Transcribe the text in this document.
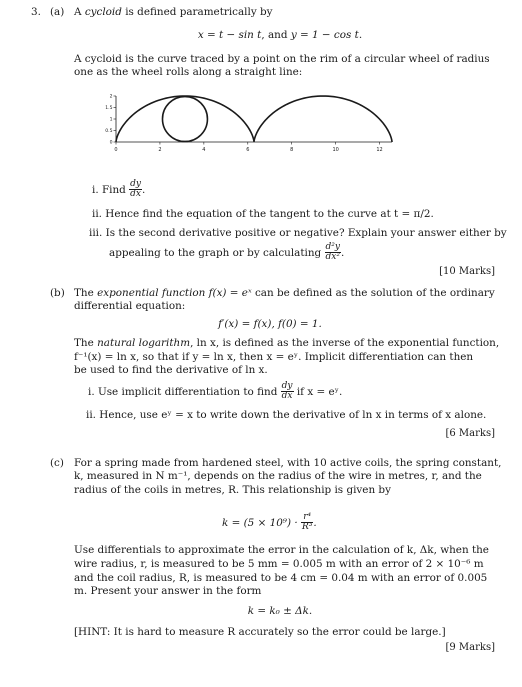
3. (a) A cycloid is defined parametrically by
x = t − sin t, and y = 1 − cos t.
A cycloid is the curve traced by a point on the rim of a circular wheel of radius
one as the wheel rolls along a straight line:
0	2	4	6	8	10	12
0
0.5
1
1.5
2
i. Find $\frac{dy}{dx}$ .
ii. Hence find the equation of the tangent to the curve at t = π/2.
iii. Is the second derivative positive or negative? Explain your answer either by
appealing to the graph or by calculating $\frac{\text{d²y}}{\text{dx²}}$ .
[10 Marks]
(b) The exponential function f(x) = eˣ can be defined as the solution of the ordinary
differential equation:
f′(x) = f(x), f(0) = 1.
The natural logarithm, ln x, is defined as the inverse of the exponential function,
f⁻¹(x) = ln x, so that if y = ln x, then x = eʸ. Implicit differentiation can then
be used to find the derivative of ln x.
i. Use implicit differentiation to find $\frac{dy}{dx}$ if x = eʸ.
ii. Hence, use eʸ = x to write down the derivative of ln x in terms of x alone.
[6 Marks]
(c) For a spring made from hardened steel, with 10 active coils, the spring constant,
k, measured in N m⁻¹, depends on the radius of the wire in metres, r, and the
radius of the coils in metres, R. This relationship is given by
$k = (5 \times 10^9) \cdot \frac{\text{r⁴}}{\text{R³}}$ .
Use differentials to approximate the error in the calculation of k, Δk, when the
wire radius, r, is measured to be 5 mm = 0.005 m with an error of 2 × 10⁻⁶ m
and the coil radius, R, is measured to be 4 cm = 0.04 m with an error of 0.005
m. Present your answer in the form
k = k₀ ± Δk.
[HINT: It is hard to measure R accurately so the error could be large.]
[9 Marks]
